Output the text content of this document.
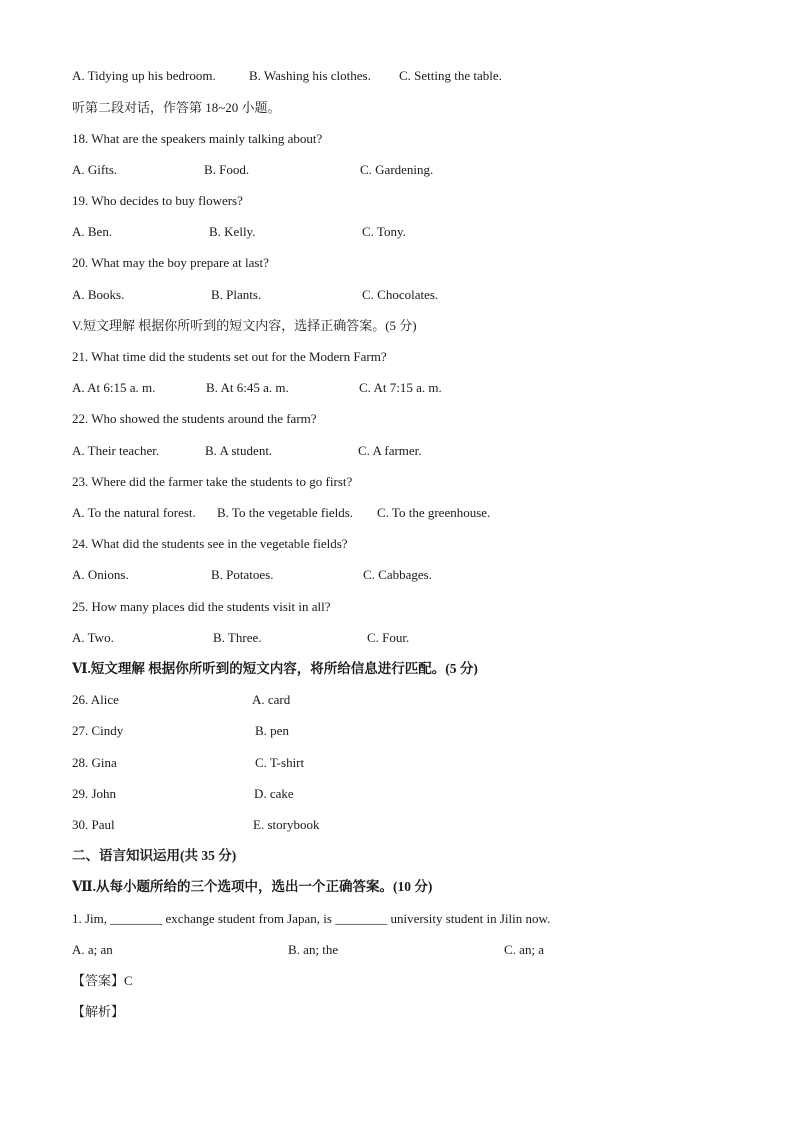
A. Tidying up his bedroom.	B. Washing his clothes. C. Setting the table.
听第二段对话，作答第 18~20 小题。
18. What are the speakers mainly talking about?
A. Gifts.	B. Food.	C. Gardening.
19. Who decides to buy flowers?
A. Ben.	B. Kelly.	C. Tony.
20. What may the boy prepare at last?
A. Books.	B. Plants.	C. Chocolates.
V.短文理解 根据你所听到的短文内容，选择正确答案。(5 分)
21. What time did the students set out for the Modern Farm?
A. At 6:15 a. m.	B. At 6:45 a. m.	C. At 7:15 a. m.
22. Who showed the students around the farm?
A. Their teacher.	B. A student.	C. A farmer.
23. Where did the farmer take the students to go first?
A. To the natural forest. B. To the vegetable fields. C. To the greenhouse.
24. What did the students see in the vegetable fields?
A. Onions.	B. Potatoes.	C. Cabbages.
25. How many places did the students visit in all?
A. Two.	B. Three.	C. Four.
Ⅵ.短文理解 根据你所听到的短文内容，将所给信息进行匹配。(5 分)
26. Alice	A. card
27. Cindy	B. pen
28. Gina	C. T-shirt
29. John	D. cake
30. Paul	E. storybook
二、语言知识运用(共 35 分)
Ⅶ.从每小题所给的三个选项中，选出一个正确答案。(10 分)
1. Jim, ________ exchange student from Japan, is ________ university student in Jilin now.
A. a; an	B. an; the	C. an; a
【答案】C
【解析】
